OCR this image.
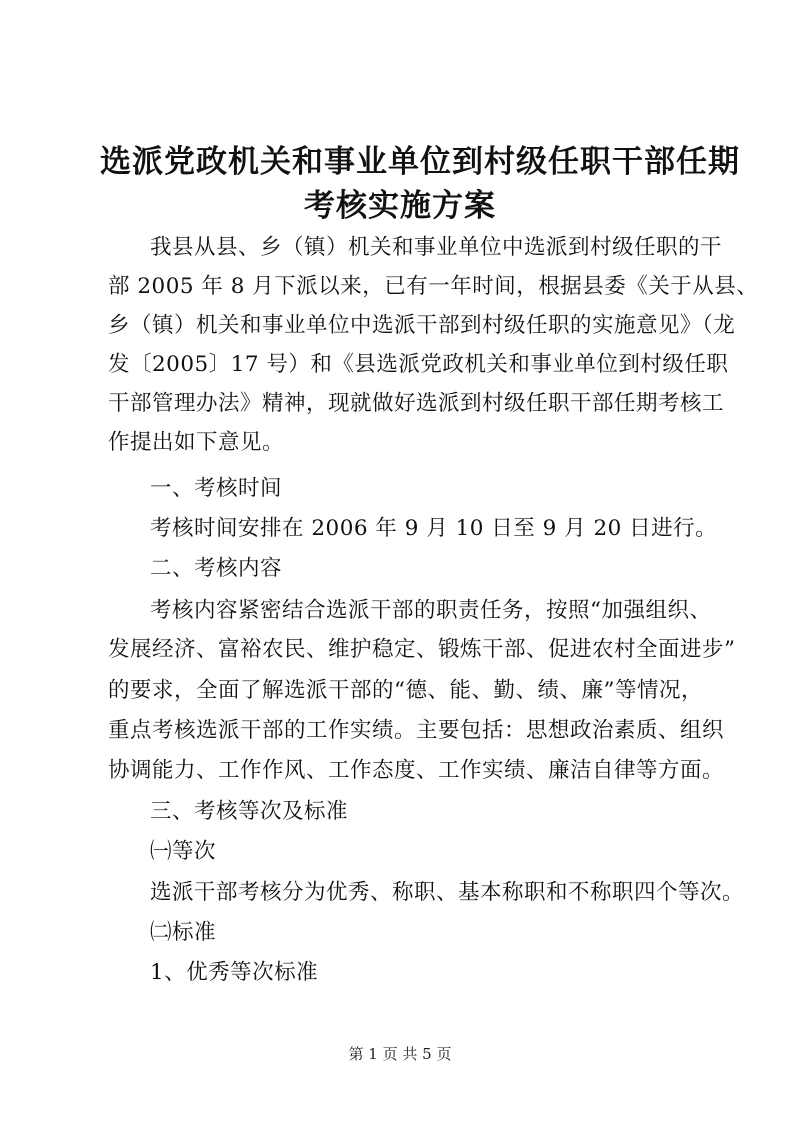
选派党政机关和事业单位到村级任职干部任期
考核实施方案
我县从县、乡（镇）机关和事业单位中选派到村级任职的干
部 2005 年 8 月下派以来，已有一年时间，根据县委《关于从县、
乡（镇）机关和事业单位中选派干部到村级任职的实施意见》（龙
发〔2005〕17 号）和《县选派党政机关和事业单位到村级任职
干部管理办法》精神，现就做好选派到村级任职干部任期考核工
作提出如下意见。
一、考核时间
考核时间安排在 2006 年 9 月 10 日至 9 月 20 日进行。
二、考核内容
考核内容紧密结合选派干部的职责任务，按照“加强组织、
发展经济、富裕农民、维护稳定、锻炼干部、促进农村全面进步”
的要求，全面了解选派干部的“德、能、勤、绩、廉”等情况，
重点考核选派干部的工作实绩。主要包括：思想政治素质、组织
协调能力、工作作风、工作态度、工作实绩、廉洁自律等方面。
三、考核等次及标准
㈠等次
选派干部考核分为优秀、称职、基本称职和不称职四个等次。
㈡标准
1、优秀等次标准
第 1 页 共 5 页
